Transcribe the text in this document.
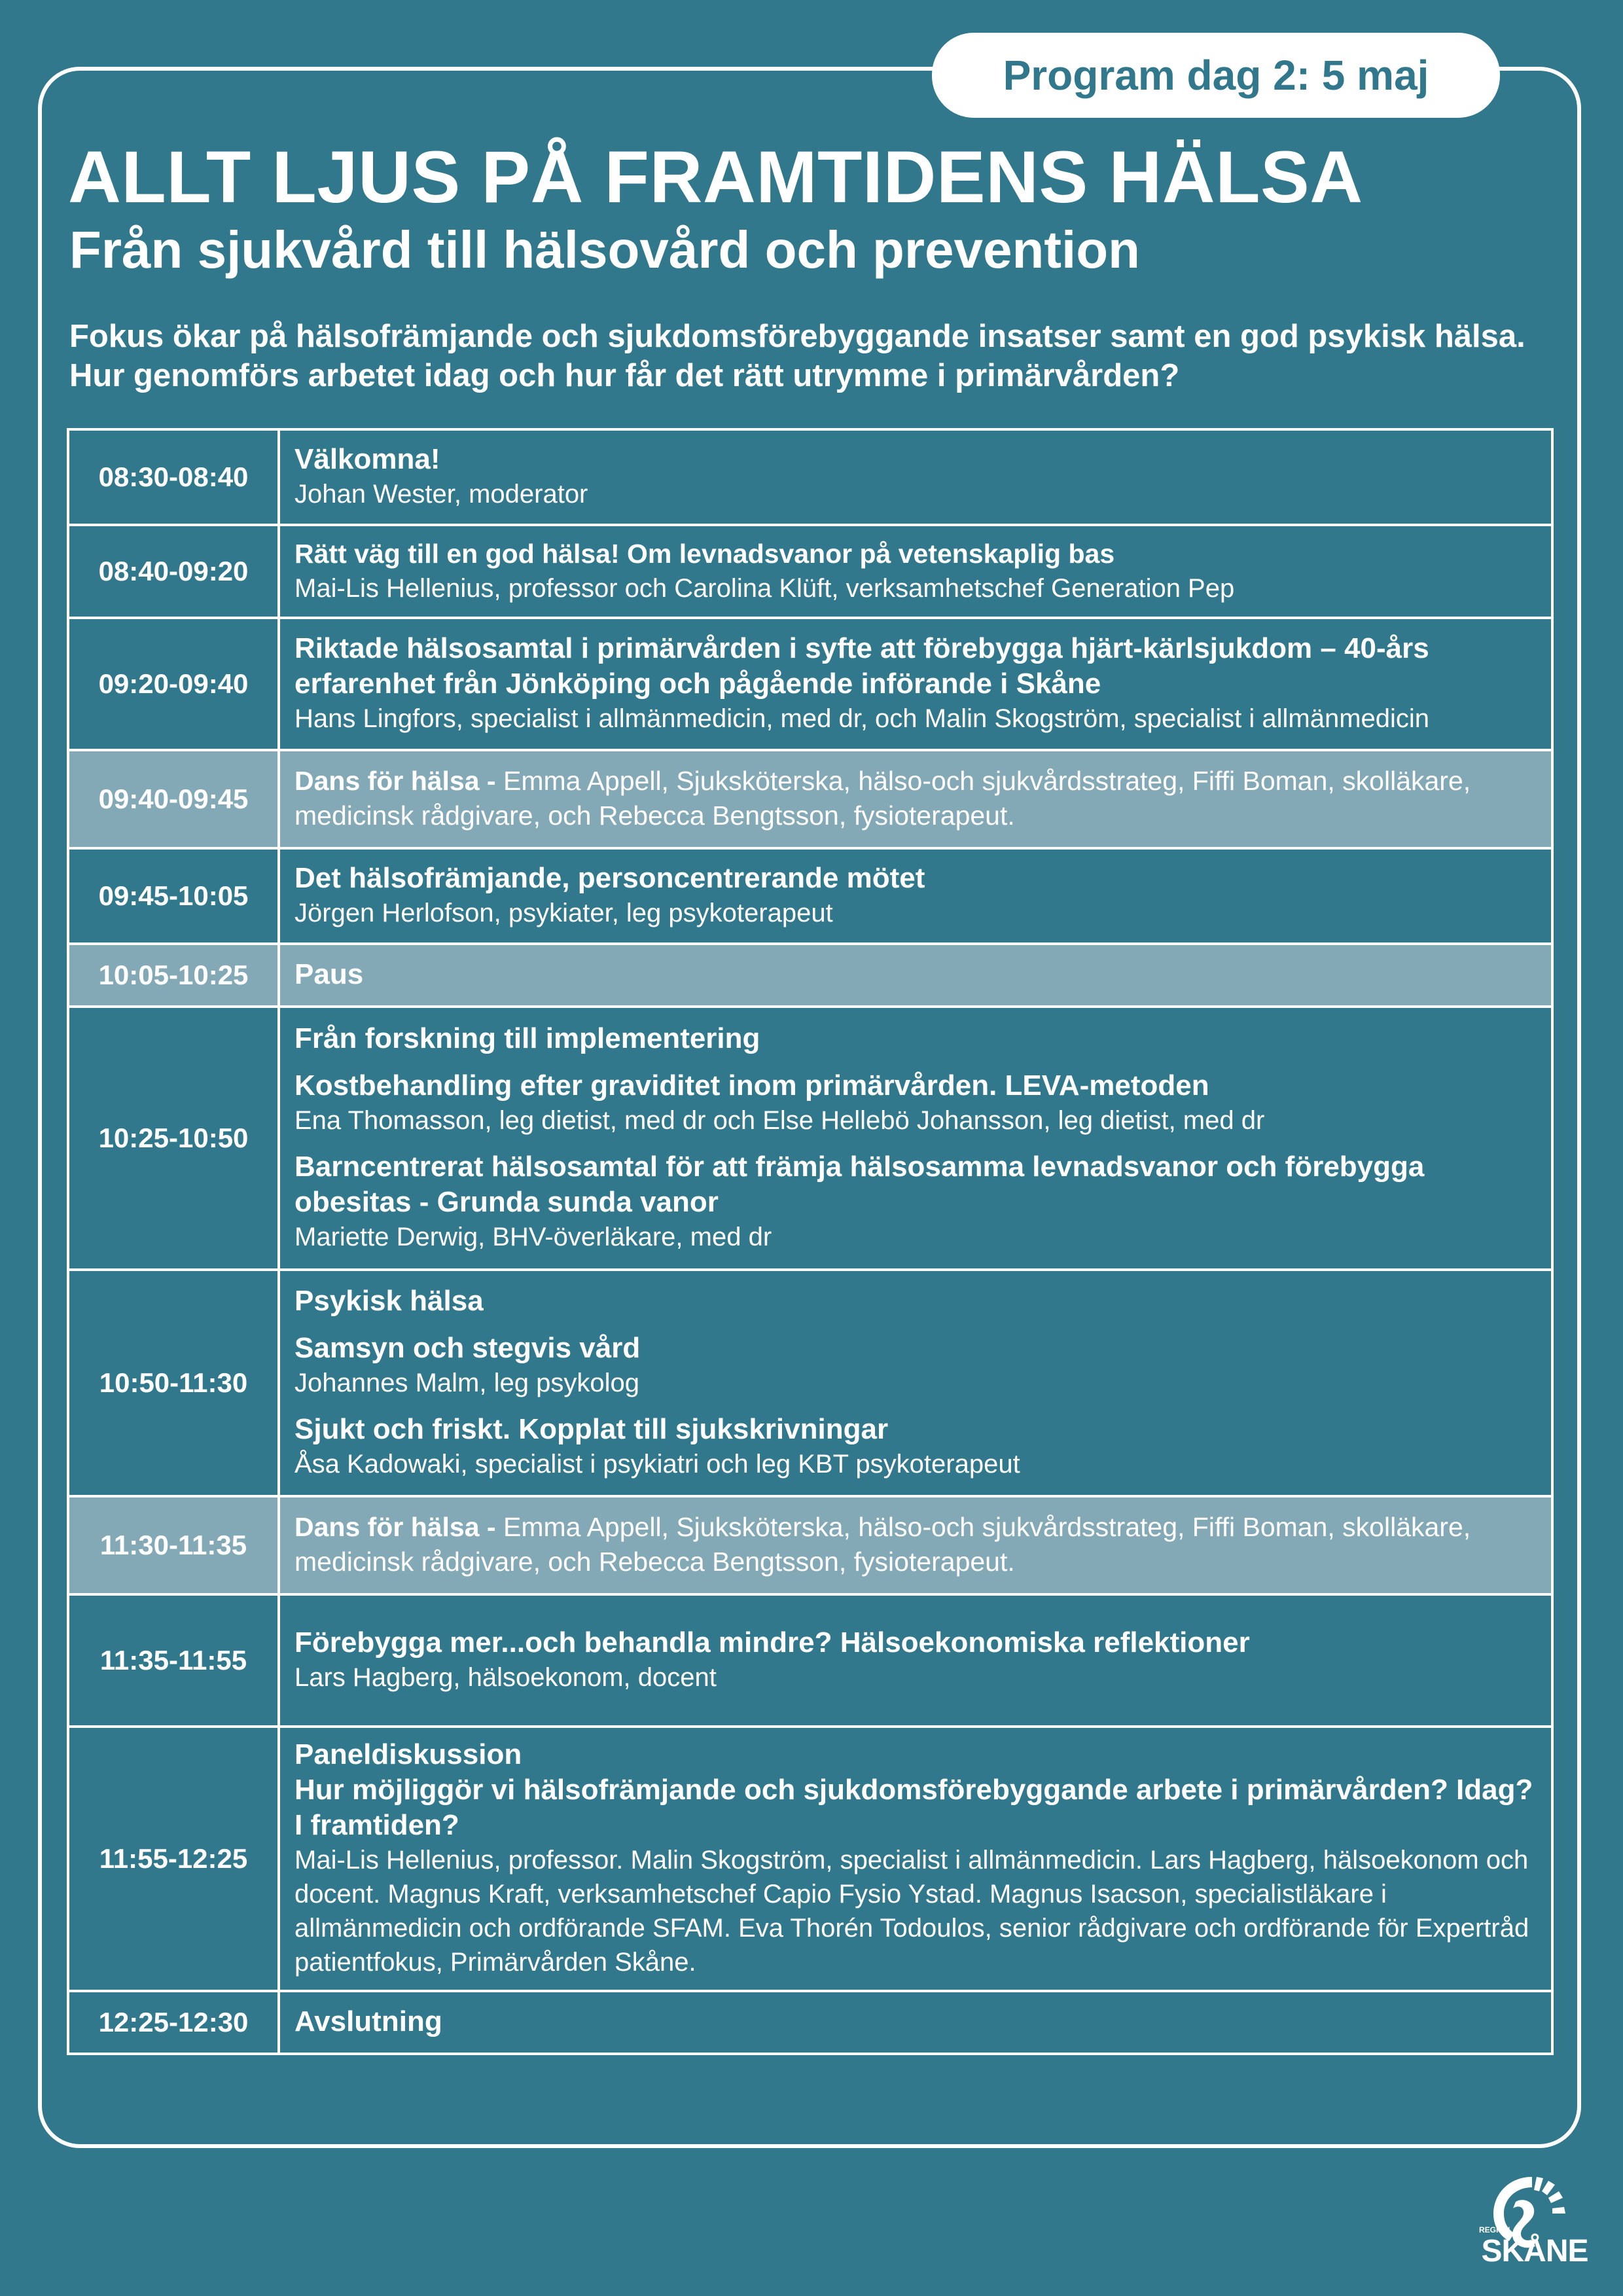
Program dag 2: 5 maj
ALLT LJUS PÅ FRAMTIDENS HÄLSA
Från sjukvård till hälsovård och prevention
Fokus ökar på hälsofrämjande och sjukdomsförebyggande insatser samt en god psykisk hälsa. Hur genomförs arbetet idag och hur får det rätt utrymme i primärvården?
08:30-08:40	Välkomna!
Johan Wester, moderator

08:40-09:20	Rätt väg till en god hälsa! Om levnadsvanor på vetenskaplig bas
Mai-Lis Hellenius, professor och Carolina Klüft, verksamhetschef Generation Pep

09:20-09:40	Riktade hälsosamtal i primärvården i syfte att förebygga hjärt-kärlsjukdom – 40-års erfarenhet från Jönköping och pågående införande i Skåne
Hans Lingfors, specialist i allmänmedicin, med dr, och Malin Skogström, specialist i allmänmedicin

09:40-09:45	Dans för hälsa - Emma Appell, Sjuksköterska, hälso-och sjukvårdsstrateg, Fiffi Boman, skolläkare, medicinsk rådgivare, och Rebecca Bengtsson, fysioterapeut.
09:45-10:05	Det hälsofrämjande, personcentrerande mötet
Jörgen Herlofson, psykiater, leg psykoterapeut

10:05-10:25	Paus

10:25-10:50	Från forskning till implementering
Kostbehandling efter graviditet inom primärvården. LEVA-metoden
Ena Thomasson, leg dietist, med dr och Else Hellebö Johansson, leg dietist, med dr
Barncentrerat hälsosamtal för att främja hälsosamma levnadsvanor och förebygga obesitas - Grunda sunda vanor
Mariette Derwig, BHV-överläkare, med dr

10:50-11:30	Psykisk hälsa
Samsyn och stegvis vård
Johannes Malm, leg psykolog
Sjukt och friskt. Kopplat till sjukskrivningar
Åsa Kadowaki, specialist i psykiatri och leg KBT psykoterapeut

11:30-11:35	Dans för hälsa - Emma Appell, Sjuksköterska, hälso-och sjukvårdsstrateg, Fiffi Boman, skolläkare, medicinsk rådgivare, och Rebecca Bengtsson, fysioterapeut.
11:35-11:55	Förebygga mer...och behandla mindre? Hälsoekonomiska reflektioner
Lars Hagberg, hälsoekonom, docent

11:55-12:25	Paneldiskussion
Hur möjliggör vi hälsofrämjande och sjukdomsförebyggande arbete i primärvården? Idag? I framtiden?
Mai-Lis Hellenius, professor. Malin Skogström, specialist i allmänmedicin. Lars Hagberg, hälsoekonom och docent. Magnus Kraft, verksamhetschef Capio Fysio Ystad. Magnus Isacson, specialistläkare i allmänmedicin och ordförande SFAM. Eva Thorén Todoulos, senior rådgivare och ordförande för Expertråd patientfokus, Primärvården Skåne.

12:25-12:30	Avslutning
REGION
SKÅNE
